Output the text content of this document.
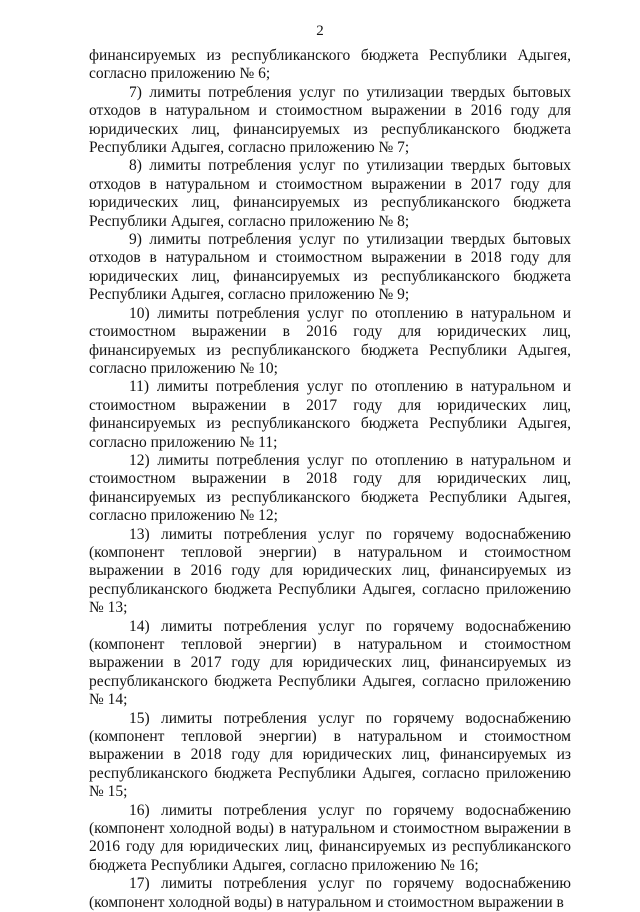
2

финансируемых из республиканского бюджета Республики Адыгея, согласно приложению № 6;

7) лимиты потребления услуг по утилизации твердых бытовых отходов в натуральном и стоимостном выражении в 2016 году для юридических лиц, финансируемых из республиканского бюджета Республики Адыгея, согласно приложению № 7;

8) лимиты потребления услуг по утилизации твердых бытовых отходов в натуральном и стоимостном выражении в 2017 году для юридических лиц, финансируемых из республиканского бюджета Республики Адыгея, согласно приложению № 8;

9) лимиты потребления услуг по утилизации твердых бытовых отходов в натуральном и стоимостном выражении в 2018 году для юридических лиц, финансируемых из республиканского бюджета Республики Адыгея, согласно приложению № 9;

10) лимиты потребления услуг по отоплению в натуральном и стоимостном выражении в 2016 году для юридических лиц, финансируемых из республиканского бюджета Республики Адыгея, согласно приложению № 10;

11) лимиты потребления услуг по отоплению в натуральном и стоимостном выражении в 2017 году для юридических лиц, финансируемых из республиканского бюджета Республики Адыгея, согласно приложению № 11;

12) лимиты потребления услуг по отоплению в натуральном и стоимостном выражении в 2018 году для юридических лиц, финансируемых из республиканского бюджета Республики Адыгея, согласно приложению № 12;

13) лимиты потребления услуг по горячему водоснабжению (компонент тепловой энергии) в натуральном и стоимостном выражении в 2016 году для юридических лиц, финансируемых из республиканского бюджета Республики Адыгея, согласно приложению № 13;

14) лимиты потребления услуг по горячему водоснабжению (компонент тепловой энергии) в натуральном и стоимостном выражении в 2017 году для юридических лиц, финансируемых из республиканского бюджета Республики Адыгея, согласно приложению № 14;

15) лимиты потребления услуг по горячему водоснабжению (компонент тепловой энергии) в натуральном и стоимостном выражении в 2018 году для юридических лиц, финансируемых из республиканского бюджета Республики Адыгея, согласно приложению № 15;

16) лимиты потребления услуг по горячему водоснабжению (компонент холодной воды) в натуральном и стоимостном выражении в 2016 году для юридических лиц, финансируемых из республиканского бюджета Республики Адыгея, согласно приложению № 16;

17) лимиты потребления услуг по горячему водоснабжению (компонент холодной воды) в натуральном и стоимостном выражении в
